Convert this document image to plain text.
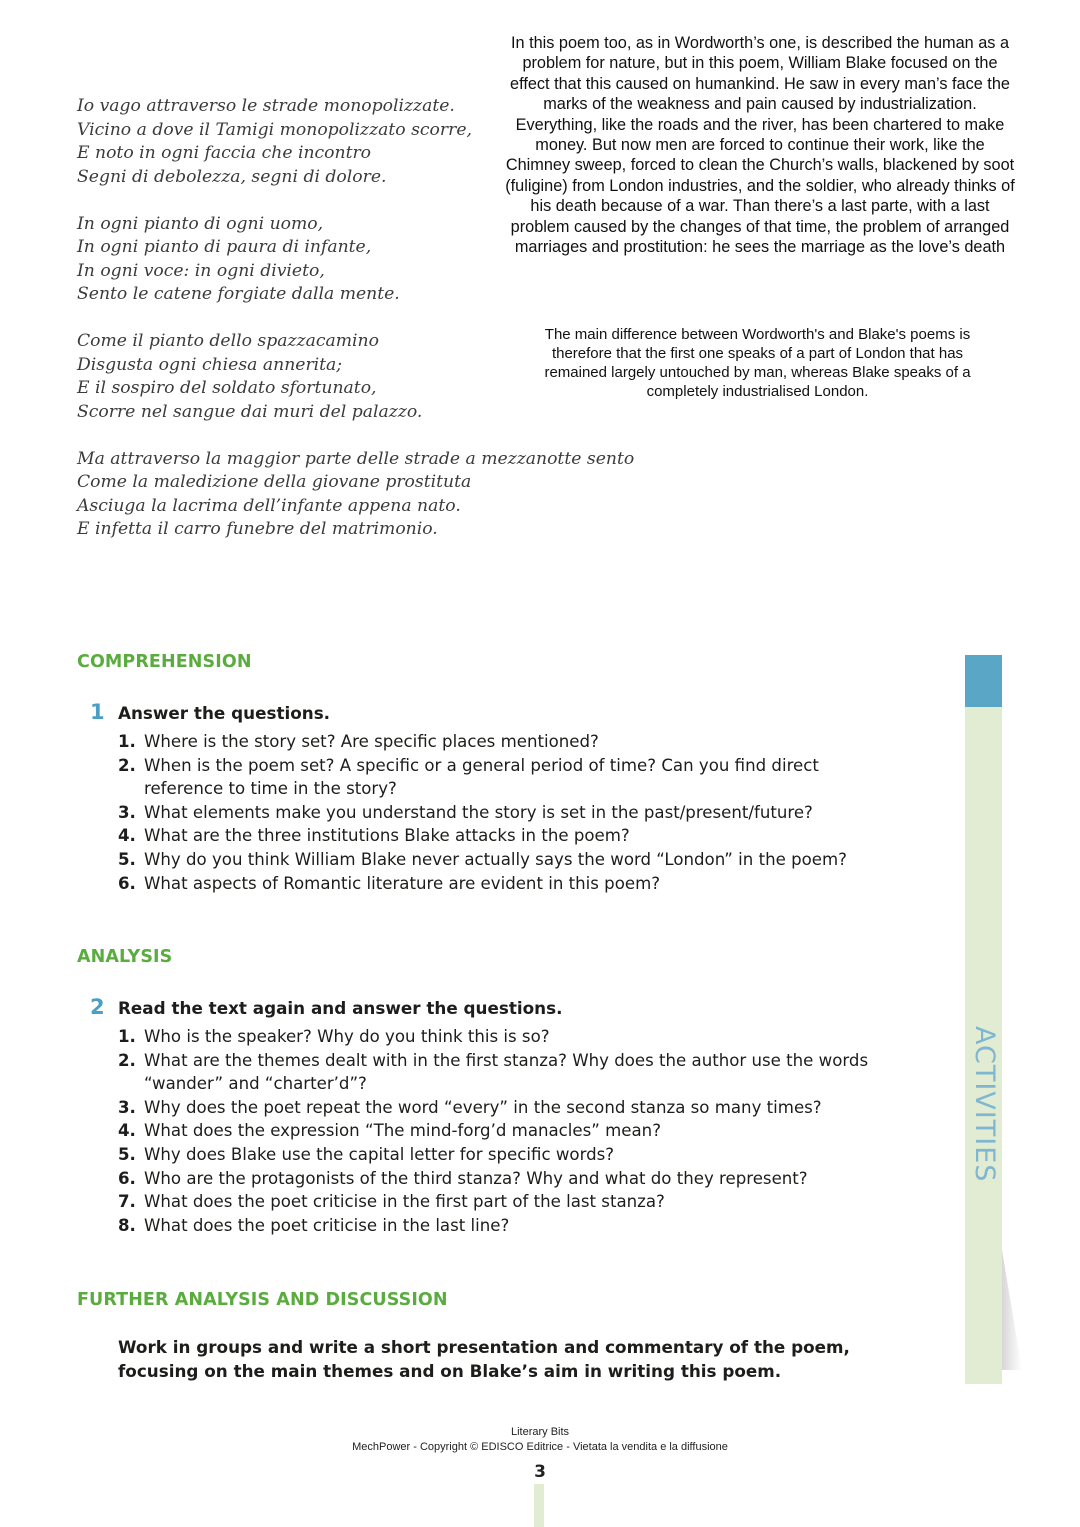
Io vago attraverso le strade monopolizzate.
Vicino a dove il Tamigi monopolizzato scorre,
E noto in ogni faccia che incontro
Segni di debolezza, segni di dolore.
In ogni pianto di ogni uomo,
In ogni pianto di paura di infante,
In ogni voce: in ogni divieto,
Sento le catene forgiate dalla mente.
Come il pianto dello spazzacamino
Disgusta ogni chiesa annerita;
E il sospiro del soldato sfortunato,
Scorre nel sangue dai muri del palazzo.
Ma attraverso la maggior parte delle strade a mezzanotte sento
Come la maledizione della giovane prostituta
Asciuga la lacrima dell’infante appena nato.
E infetta il carro funebre del matrimonio.
In this poem too, as in Wordworth’s one, is described the human as a problem for nature, but in this poem, William Blake focused on the effect that this caused on humankind. He saw in every man’s face the marks of the weakness and pain caused by industrialization. Everything, like the roads and the river, has been chartered to make money. But now men are forced to continue their work, like the Chimney sweep, forced to clean the Church’s walls, blackened by soot (fuligine) from London industries, and the soldier, who already thinks of his death because of a war. Than there’s a last parte, with a last problem caused by the changes of that time, the problem of arranged marriages and prostitution: he sees the marriage as the love’s death
The main difference between Wordworth's and Blake's poems is therefore that the first one speaks of a part of London that has remained largely untouched by man, whereas Blake speaks of a completely industrialised London.
COMPREHENSION
1 Answer the questions.
1. Where is the story set? Are specific places mentioned?
2. When is the poem set? A specific or a general period of time? Can you find direct reference to time in the story?
3. What elements make you understand the story is set in the past/present/future?
4. What are the three institutions Blake attacks in the poem?
5. Why do you think William Blake never actually says the word “London” in the poem?
6. What aspects of Romantic literature are evident in this poem?
ANALYSIS
2 Read the text again and answer the questions.
1. Who is the speaker? Why do you think this is so?
2. What are the themes dealt with in the first stanza? Why does the author use the words “wander” and “charter’d”?
3. Why does the poet repeat the word “every” in the second stanza so many times?
4. What does the expression “The mind-forg’d manacles” mean?
5. Why does Blake use the capital letter for specific words?
6. Who are the protagonists of the third stanza? Why and what do they represent?
7. What does the poet criticise in the first part of the last stanza?
8. What does the poet criticise in the last line?
FURTHER ANALYSIS AND DISCUSSION
Work in groups and write a short presentation and commentary of the poem, focusing on the main themes and on Blake’s aim in writing this poem.
Literary Bits
MechPower - Copyright © EDISCO Editrice - Vietata la vendita e la diffusione
3
